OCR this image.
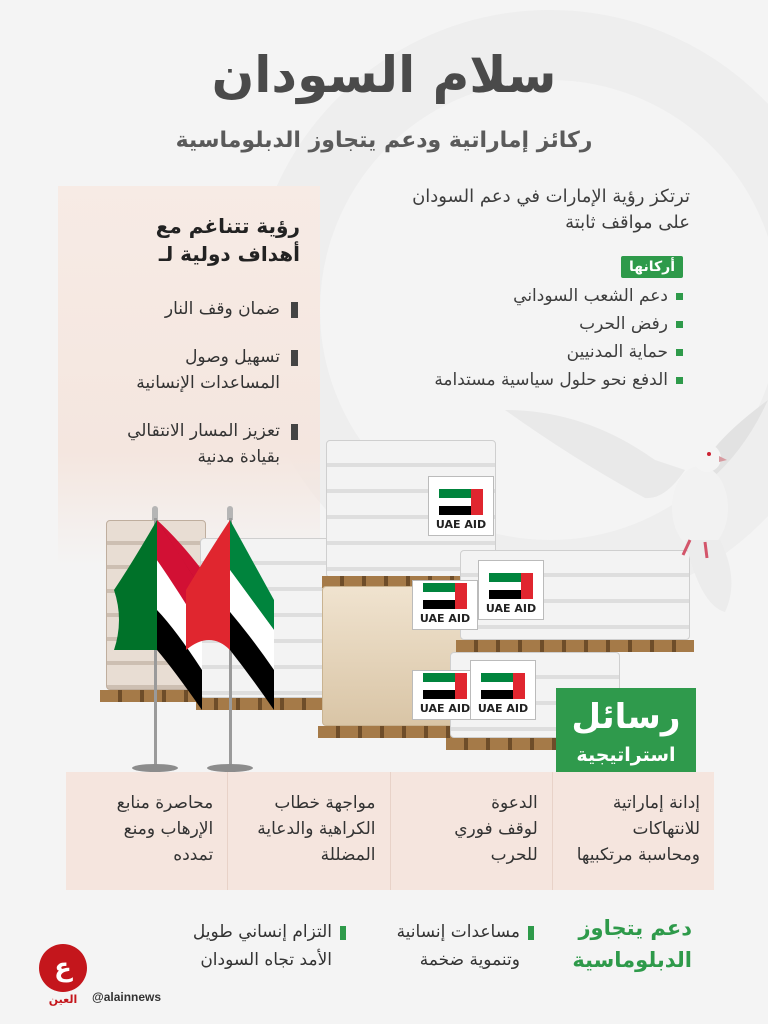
سلام السودان
ركائز إماراتية ودعم يتجاوز الدبلوماسية
رؤية تتناغم مع
أهداف دولية لـ
ضمان وقف النار
تسهيل وصول
المساعدات الإنسانية
تعزيز المسار الانتقالي
بقيادة مدنية
ترتكز رؤية الإمارات في دعم السودان
على مواقف ثابتة
أركانها
دعم الشعب السوداني
رفض الحرب
حماية المدنيين
الدفع نحو حلول سياسية مستدامة
UAE AID
UAE AID
UAE AID
UAE AID
UAE AID	رسائل
استراتيجية
إدانة إماراتية
للانتهاكات
ومحاسبة مرتكبيها
الدعوة
لوقف فوري
للحرب
مواجهة خطاب
الكراهية والدعاية
المضللة
محاصرة منابع
الإرهاب ومنع
تمدده
دعم يتجاوز
الدبلوماسية
مساعدات إنسانية
وتنموية ضخمة
التزام إنساني طويل
الأمد تجاه السودان
ع
العين	@alainnews
